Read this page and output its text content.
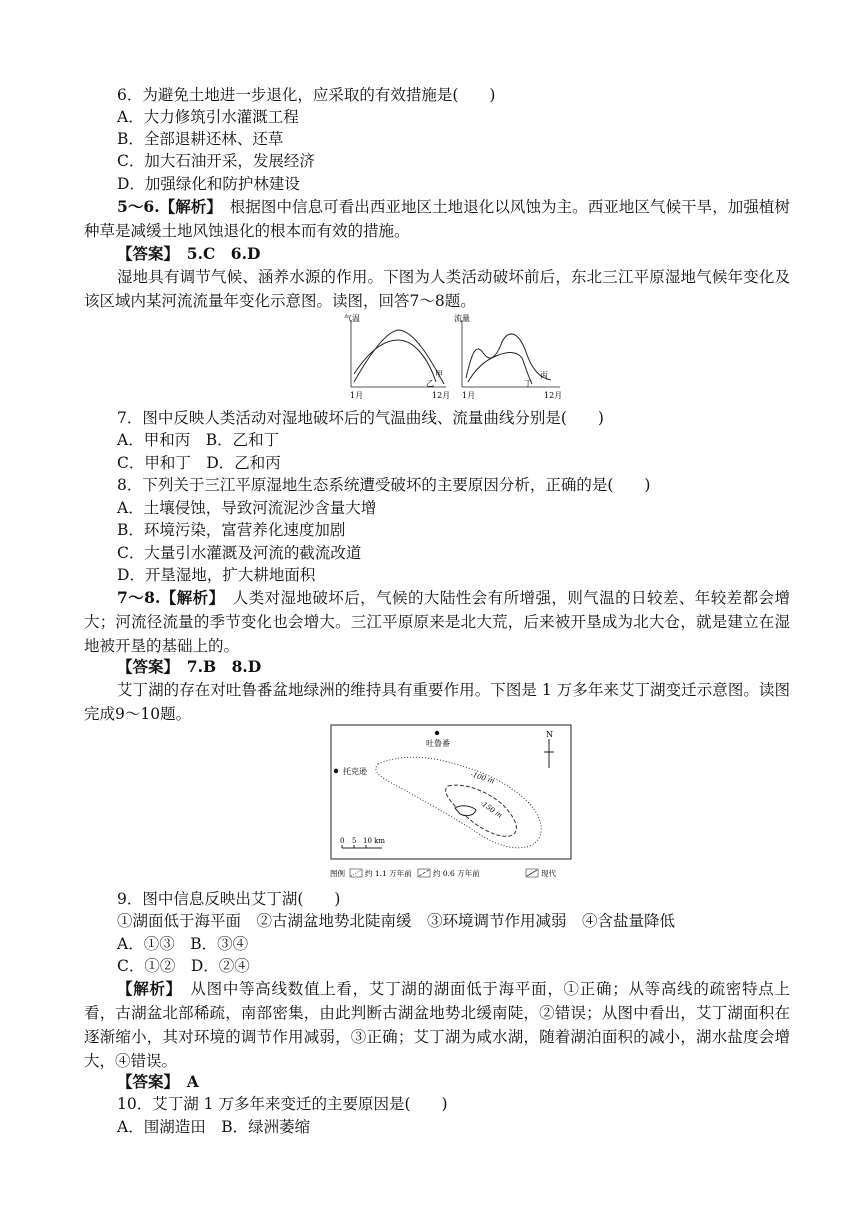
6．为避免土地进一步退化，应采取的有效措施是(　　)
A．大力修筑引水灌溉工程
B．全部退耕还林、还草
C．加大石油开采，发展经济
D．加强绿化和防护林建设
5～6.【解析】　 根据图中信息可看出西亚地区土地退化以风蚀为主。西亚地区气候干旱，加强植树种草是减缓土地风蚀退化的根本而有效的措施。
【答案】　 5.C　6.D
湿地具有调节气候、涵养水源的作用。下图为人类活动破坏前后，东北三江平原湿地气候年变化及该区域内某河流流量年变化示意图。读图，回答7～8题。
气温
甲
乙
1月	12月
流量
丙
丁
1月	12月
7．图中反映人类活动对湿地破坏后的气温曲线、流量曲线分别是(　　)
A．甲和丙　B．乙和丁
C．甲和丁　D．乙和丙
8．下列关于三江平原湿地生态系统遭受破坏的主要原因分析，正确的是(　　)
A．土壤侵蚀，导致河流泥沙含量大增
B．环境污染，富营养化速度加剧
C．大量引水灌溉及河流的截流改道
D．开垦湿地，扩大耕地面积
7～8.【解析】　 人类对湿地破坏后，气候的大陆性会有所增强，则气温的日较差、年较差都会增大；河流径流量的季节变化也会增大。三江平原原来是北大荒，后来被开垦成为北大仓，就是建立在湿地被开垦的基础上的。
【答案】　 7.B　8.D
艾丁湖的存在对吐鲁番盆地绿洲的维持具有重要作用。下图是 1 万多年来艾丁湖变迁示意图。读图完成9～10题。
吐鲁番
托克逊
N
-100 m
-150 m
0 5 10 km
图例	约 1.1 万年前	约 0.6 万年前	现代
9．图中信息反映出艾丁湖(　　)
①湖面低于海平面　②古湖盆地势北陡南缓　③环境调节作用减弱　④含盐量降低
A．①③　B．③④
C．①②　D．②④
【解析】　 从图中等高线数值上看，艾丁湖的湖面低于海平面，①正确；从等高线的疏密特点上看，古湖盆北部稀疏，南部密集，由此判断古湖盆地势北缓南陡，②错误；从图中看出，艾丁湖面积在逐渐缩小，其对环境的调节作用减弱，③正确；艾丁湖为咸水湖，随着湖泊面积的减小，湖水盐度会增大，④错误。
【答案】　 A
10．艾丁湖 1 万多年来变迁的主要原因是(　　)
A．围湖造田　B．绿洲萎缩
